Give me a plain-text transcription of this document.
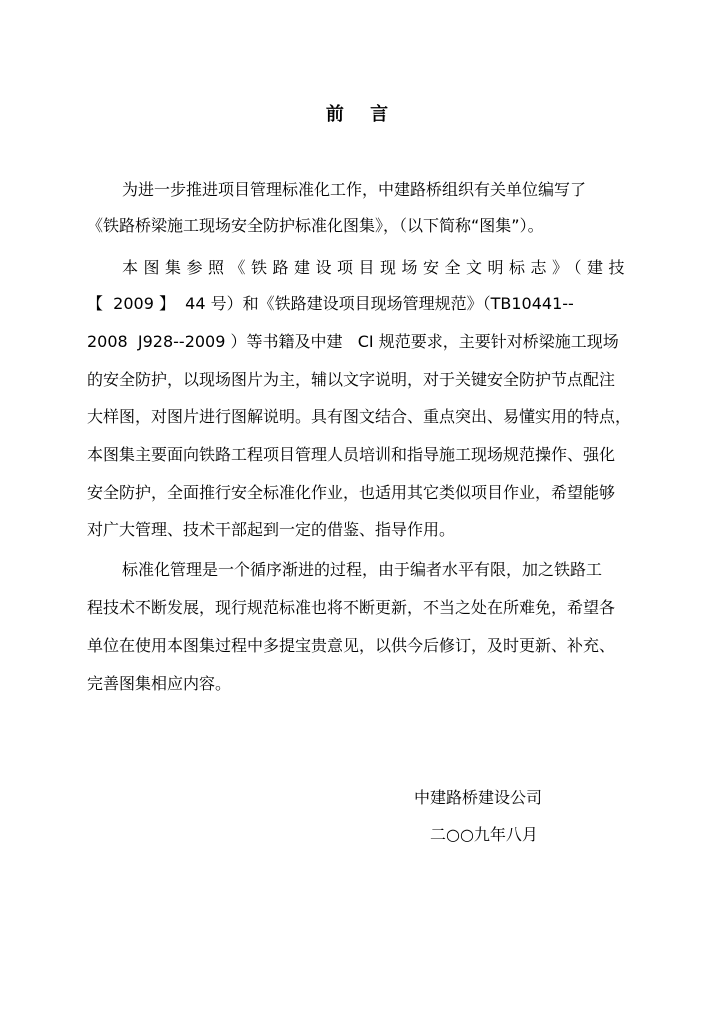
前 言
为进一步推进项目管理标准化工作，中建路桥组织有关单位编写了
《铁路桥梁施工现场安全防护标准化图集》，（以下简称“图集”）。
本图集参照《铁路建设项目现场安全文明标志》（建技
【  2009 】  44 号）和《铁路建设项目现场管理规范》（TB10441--
2008  J928--2009 ）等书籍及中建   CI 规范要求，主要针对桥梁施工现场
的安全防护，以现场图片为主，辅以文字说明，对于关键安全防护节点配注
大样图，对图片进行图解说明。具有图文结合、重点突出、易懂实用的特点，
本图集主要面向铁路工程项目管理人员培训和指导施工现场规范操作、强化
安全防护，全面推行安全标准化作业，也适用其它类似项目作业，希望能够
对广大管理、技术干部起到一定的借鉴、指导作用。
标准化管理是一个循序渐进的过程，由于编者水平有限，加之铁路工
程技术不断发展，现行规范标准也将不断更新，不当之处在所难免，希望各
单位在使用本图集过程中多提宝贵意见，以供今后修订，及时更新、补充、
完善图集相应内容。
中建路桥建设公司
二○○九年八月
